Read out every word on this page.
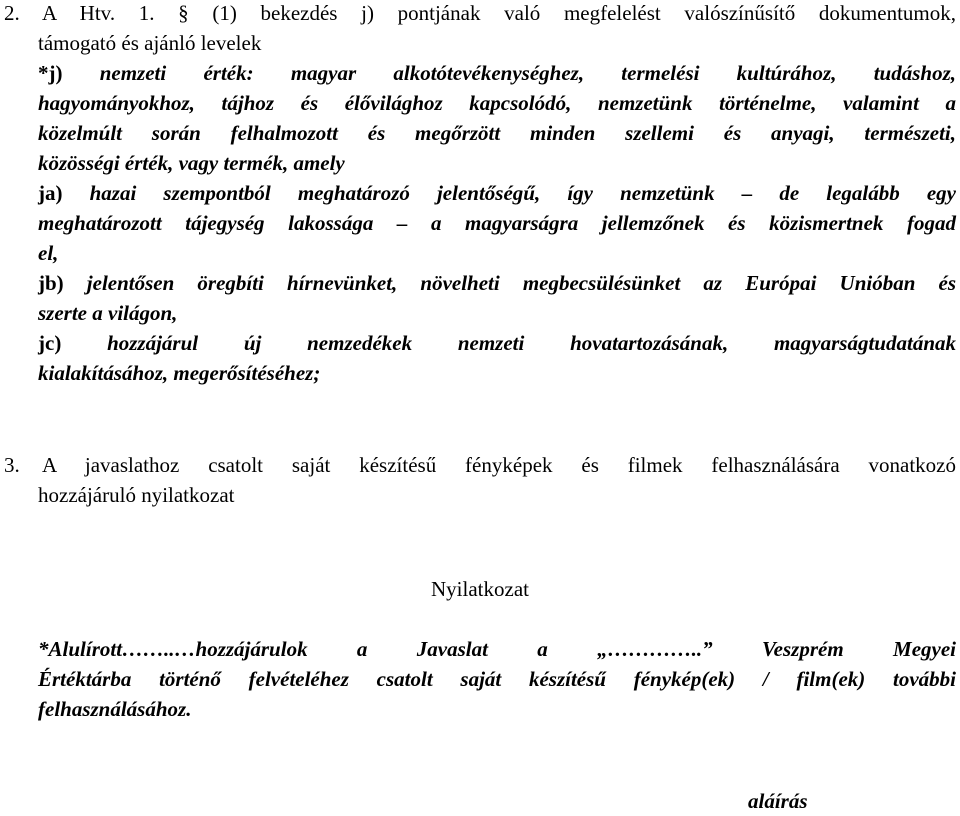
2. A Htv. 1. § (1) bekezdés j) pontjának való megfelelést valószínűsítő dokumentumok,
támogató és ajánló levelek
*j) nemzeti érték: magyar alkotótevékenységhez, termelési kultúrához, tudáshoz,
hagyományokhoz, tájhoz és élővilághoz kapcsolódó, nemzetünk történelme, valamint a
közelmúlt során felhalmozott és megőrzött minden szellemi és anyagi, természeti,
közösségi érték, vagy termék, amely
ja) hazai szempontból meghatározó jelentőségű, így nemzetünk – de legalább egy
meghatározott tájegység lakossága – a magyarságra jellemzőnek és közismertnek fogad
el,
jb) jelentősen öregbíti hírnevünket, növelheti megbecsülésünket az Európai Unióban és
szerte a világon,
jc) hozzájárul új nemzedékek nemzeti hovatartozásának, magyarságtudatának
kialakításához, megerősítéséhez;
3. A javaslathoz csatolt saját készítésű fényképek és filmek felhasználására vonatkozó
hozzájáruló nyilatkozat
Nyilatkozat
*Alulírott……..…hozzájárulok a Javaslat a „…………..” Veszprém Megyei
Értéktárba történő felvételéhez csatolt saját készítésű fénykép(ek) / film(ek) további
felhasználásához.
aláírás
